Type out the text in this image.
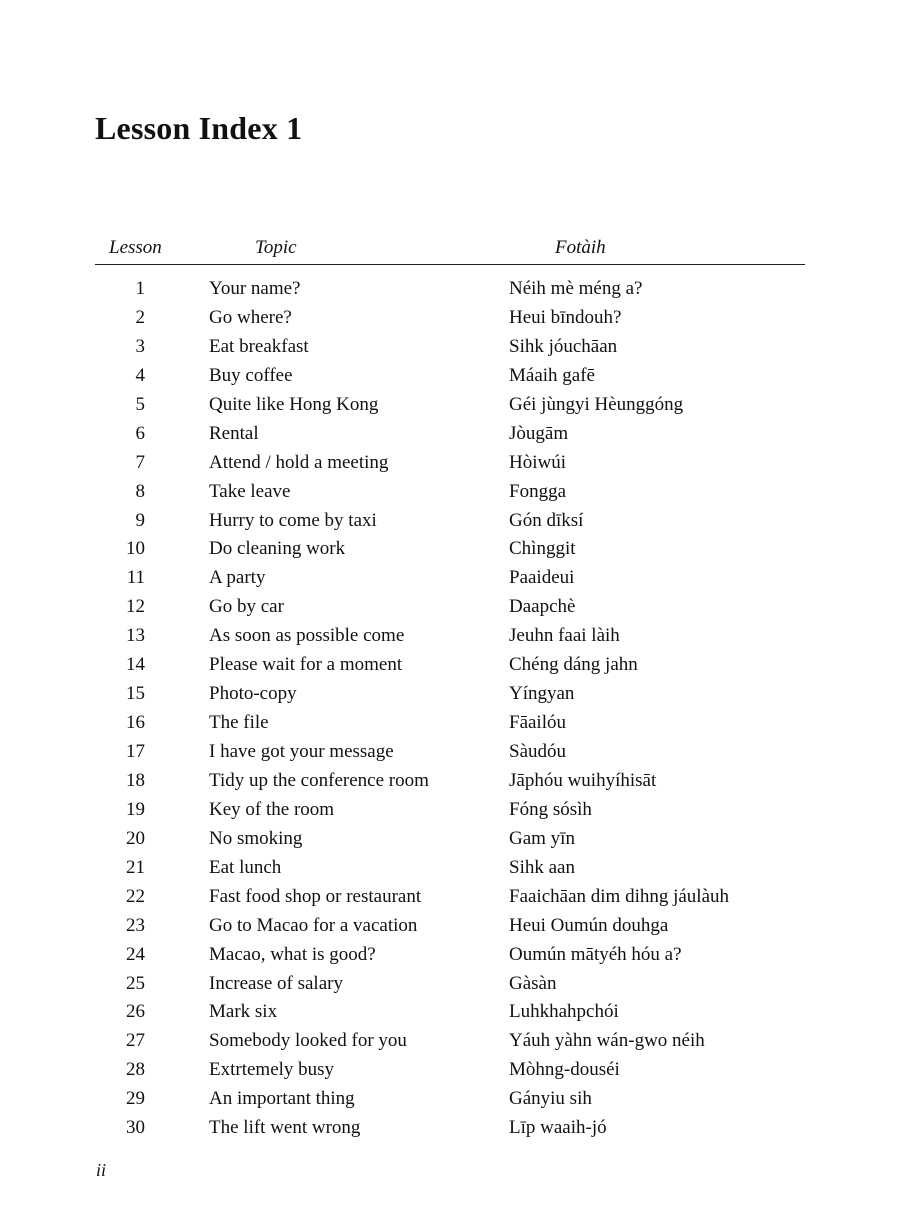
Lesson Index 1
Lesson	Topic	Fotàih
1	Your name?	Néih mè méng a?
2	Go where?	Heui bīndouh?
3	Eat breakfast	Sihk jóuchāan
4	Buy coffee	Máaih gafē
5	Quite like Hong Kong	Géi jùngyi Hèunggóng
6	Rental	Jòugām
7	Attend / hold a meeting	Hòiwúi
8	Take leave	Fongga
9	Hurry to come by taxi	Gón dīksí
10	Do cleaning work	Chìnggit
11	A party	Paaideui
12	Go by car	Daapchè
13	As soon as possible come	Jeuhn faai làih
14	Please wait for a moment	Chéng dáng jahn
15	Photo-copy	Yíngyan
16	The file	Fāailóu
17	I have got your message	Sàudóu
18	Tidy up the conference room	Jāphóu wuihyíhisāt
19	Key of the room	Fóng sósìh
20	No smoking	Gam yīn
21	Eat lunch	Sihk aan
22	Fast food shop or restaurant	Faaichāan dim dihng jáulàuh
23	Go to Macao for a vacation	Heui Oumún douhga
24	Macao, what is good?	Oumún mātyéh hóu a?
25	Increase of salary	Gàsàn
26	Mark six	Luhkhahpchói
27	Somebody looked for you	Yáuh yàhn wán-gwo néih
28	Extrtemely busy	Mòhng-douséi
29	An important thing	Gányiu sih
30	The lift went wrong	Līp waaih-jó
ii
